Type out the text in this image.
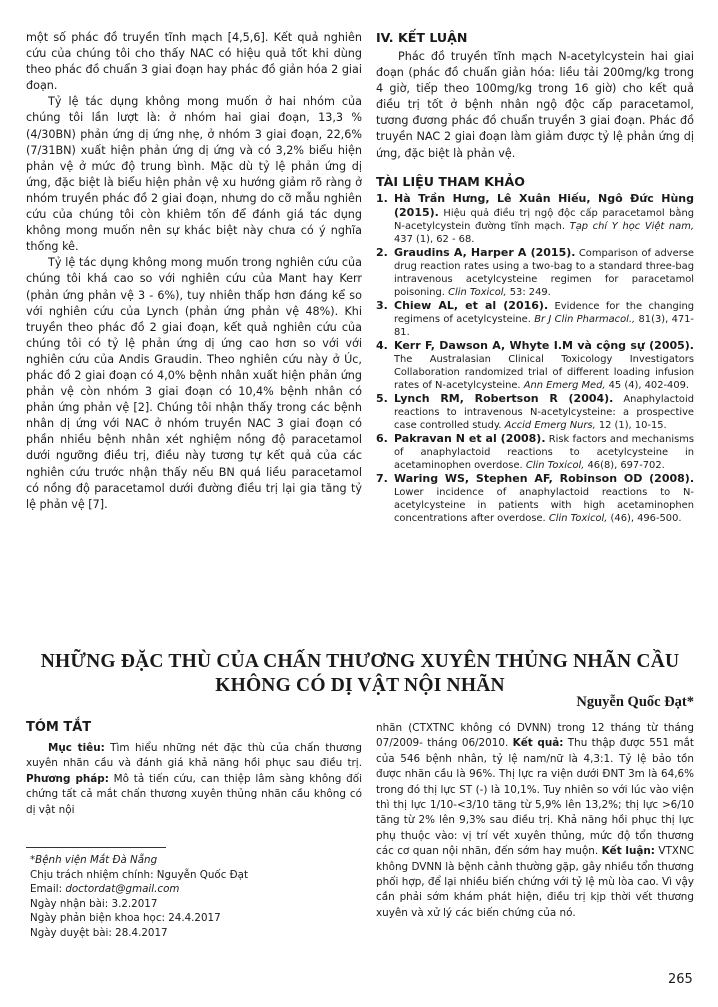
một số phác đồ truyền tĩnh mạch [4,5,6]. Kết quả nghiên cứu của chúng tôi cho thấy NAC có hiệu quả tốt khi dùng theo phác đồ chuẩn 3 giai đoạn hay phác đồ giản hóa 2 giai đoạn.

Tỷ lệ tác dụng không mong muốn ở hai nhóm của chúng tôi lần lượt là: ở nhóm hai giai đoạn, 13,3 % (4/30BN) phản ứng dị ứng nhẹ, ở nhóm 3 giai đoạn, 22,6% (7/31BN) xuất hiện phản ứng dị ứng và có 3,2% biểu hiện phản vệ ở mức độ trung bình. Mặc dù tỷ lệ phản ứng dị ứng, đặc biệt là biểu hiện phản vệ xu hướng giảm rõ ràng ở nhóm truyền phác đồ 2 giai đoạn, nhưng do cỡ mẫu nghiên cứu của chúng tôi còn khiêm tốn để đánh giá tác dụng không mong muốn nên sự khác biệt này chưa có ý nghĩa thống kê.

Tỷ lệ tác dụng không mong muốn trong nghiên cứu của chúng tôi khá cao so với nghiên cứu của Mant hay Kerr (phản ứng phản vệ 3 - 6%), tuy nhiên thấp hơn đáng kể so với nghiên cứu của Lynch (phản ứng phản vệ 48%). Khi truyền theo phác đồ 2 giai đoạn, kết quả nghiên cứu của chúng tôi có tỷ lệ phản ứng dị ứng cao hơn so với với nghiên cứu của Andis Graudin. Theo nghiên cứu này ở Úc, phác đồ 2 giai đoạn có 4,0% bệnh nhân xuất hiện phản ứng phản vệ còn nhóm 3 giai đoạn có 10,4% bệnh nhân có phản ứng phản vệ [2]. Chúng tôi nhận thấy trong các bệnh nhân dị ứng với NAC ở nhóm truyền NAC 3 giai đoạn có phần nhiều bệnh nhân xét nghiệm nồng độ paracetamol dưới ngưỡng điều trị, điều này tương tự kết quả của các nghiên cứu trước nhận thấy nếu BN quá liều paracetamol có nồng độ paracetamol dưới đường điều trị lại gia tăng tỷ lệ phản vệ [7].

IV. KẾT LUẬN

Phác đồ truyền tĩnh mạch N-acetylcystein hai giai đoạn (phác đồ chuẩn giản hóa: liều tải 200mg/kg trong 4 giờ, tiếp theo 100mg/kg trong 16 giờ) cho kết quả điều trị tốt ở bệnh nhân ngộ độc cấp paracetamol, tương đương phác đồ chuẩn truyền 3 giai đoạn. Phác đồ truyền NAC 2 giai đoạn làm giảm được tỷ lệ phản ứng dị ứng, đặc biệt là phản vệ.

TÀI LIỆU THAM KHẢO
1. Hà Trần Hưng, Lê Xuân Hiếu, Ngô Đức Hùng (2015). Hiệu quả điều trị ngộ độc cấp paracetamol bằng N-acetylcystein đường tĩnh mạch. Tạp chí Y học Việt nam, 437 (1), 62 - 68.
2. Graudins A, Harper A (2015). Comparison of adverse drug reaction rates using a two-bag to a standard three-bag intravenous acetylcysteine regimen for paracetamol poisoning. Clin Toxicol, 53: 249.
3. Chiew AL, et al (2016). Evidence for the changing regimens of acetylcysteine. Br J Clin Pharmacol., 81(3), 471-81.
4. Kerr F, Dawson A, Whyte I.M và cộng sự (2005). The Australasian Clinical Toxicology Investigators Collaboration randomized trial of different loading infusion rates of N-acetylcysteine. Ann Emerg Med, 45 (4), 402-409.
5. Lynch RM, Robertson R (2004). Anaphylactoid reactions to intravenous N-acetylcysteine: a prospective case controlled study. Accid Emerg Nurs, 12 (1), 10-15.
6. Pakravan N et al (2008). Risk factors and mechanisms of anaphylactoid reactions to acetylcysteine in acetaminophen overdose. Clin Toxicol, 46(8), 697-702.
7. Waring WS, Stephen AF, Robinson OD (2008). Lower incidence of anaphylactoid reactions to N-acetylcysteine in patients with high acetaminophen concentrations after overdose. Clin Toxicol, (46), 496-500.
NHỮNG ĐẶC THÙ CỦA CHẤN THƯƠNG XUYÊN THỦNG NHÃN CẦU
KHÔNG CÓ DỊ VẬT NỘI NHÃN
Nguyễn Quốc Đạt*
TÓM TẮT

Mục tiêu: Tìm hiểu những nét đặc thù của chấn thương xuyên nhãn cầu và đánh giá khả năng hồi phục sau điều trị. Phương pháp: Mô tả tiến cứu, can thiệp lâm sàng không đối chứng tất cả mắt chấn thương xuyên thủng nhãn cầu không có dị vật nội

nhãn (CTXTNC không có DVNN) trong 12 tháng từ tháng 07/2009- tháng 06/2010. Kết quả: Thu thập được 551 mắt của 546 bệnh nhân, tỷ lệ nam/nữ là 4,3:1. Tỷ lệ bảo tồn được nhãn cầu là 96%. Thị lực ra viện dưới ĐNT 3m là 64,6% trong đó thị lực ST (-) là 10,1%. Tuy nhiên so với lúc vào viện thì thị lực 1/10-<3/10 tăng từ 5,9% lên 13,2%; thị lực >6/10 tăng từ 2% lên 9,3% sau điều trị. Khả năng hồi phục thị lực phụ thuộc vào: vị trí vết xuyên thủng, mức độ tổn thương các cơ quan nội nhãn, đến sớm hay muộn. Kết luận: VTXNC không DVNN là bệnh cảnh thường gặp, gây nhiều tổn thương phối hợp, để lại nhiều biến chứng với tỷ lệ mù lòa cao. Vì vậy cần phải sớm khám phát hiện, điều trị kịp thời vết thương xuyên và xử lý các biến chứng của nó.

*Bệnh viện Mắt Đà Nẵng
Chịu trách nhiệm chính: Nguyễn Quốc Đạt
Email: doctordat@gmail.com
Ngày nhận bài: 3.2.2017
Ngày phản biện khoa học: 24.4.2017
Ngày duyệt bài: 28.4.2017
265
